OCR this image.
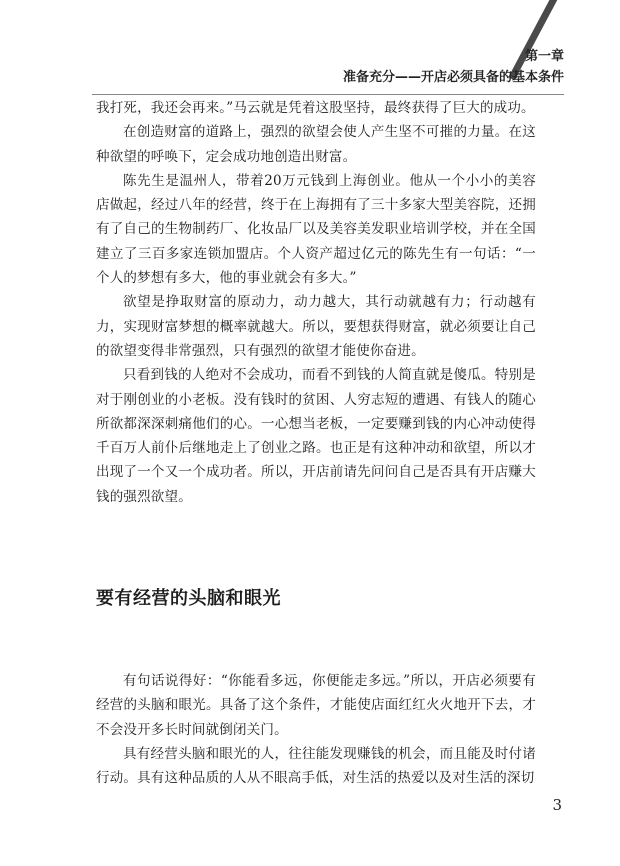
第一章
准备充分——开店必须具备的基本条件

我打死，我还会再来。”马云就是凭着这股坚持，最终获得了巨大的成功。

在创造财富的道路上，强烈的欲望会使人产生坚不可摧的力量。在这种欲望的呼唤下，定会成功地创造出财富。

陈先生是温州人，带着20万元钱到上海创业。他从一个小小的美容店做起，经过八年的经营，终于在上海拥有了三十多家大型美容院，还拥有了自己的生物制药厂、化妆品厂以及美容美发职业培训学校，并在全国建立了三百多家连锁加盟店。个人资产超过亿元的陈先生有一句话：“一个人的梦想有多大，他的事业就会有多大。”

欲望是挣取财富的原动力，动力越大，其行动就越有力；行动越有力，实现财富梦想的概率就越大。所以，要想获得财富，就必须要让自己的欲望变得非常强烈，只有强烈的欲望才能使你奋进。

只看到钱的人绝对不会成功，而看不到钱的人简直就是傻瓜。特别是对于刚创业的小老板。没有钱时的贫困、人穷志短的遭遇、有钱人的随心所欲都深深刺痛他们的心。一心想当老板，一定要赚到钱的内心冲动使得千百万人前仆后继地走上了创业之路。也正是有这种冲动和欲望，所以才出现了一个又一个成功者。所以，开店前请先问问自己是否具有开店赚大钱的强烈欲望。

要有经营的头脑和眼光

有句话说得好：“你能看多远，你便能走多远。”所以，开店必须要有经营的头脑和眼光。具备了这个条件，才能使店面红红火火地开下去，才不会没开多长时间就倒闭关门。

具有经营头脑和眼光的人，往往能发现赚钱的机会，而且能及时付诸行动。具有这种品质的人从不眼高手低，对生活的热爱以及对生活的深切

3
